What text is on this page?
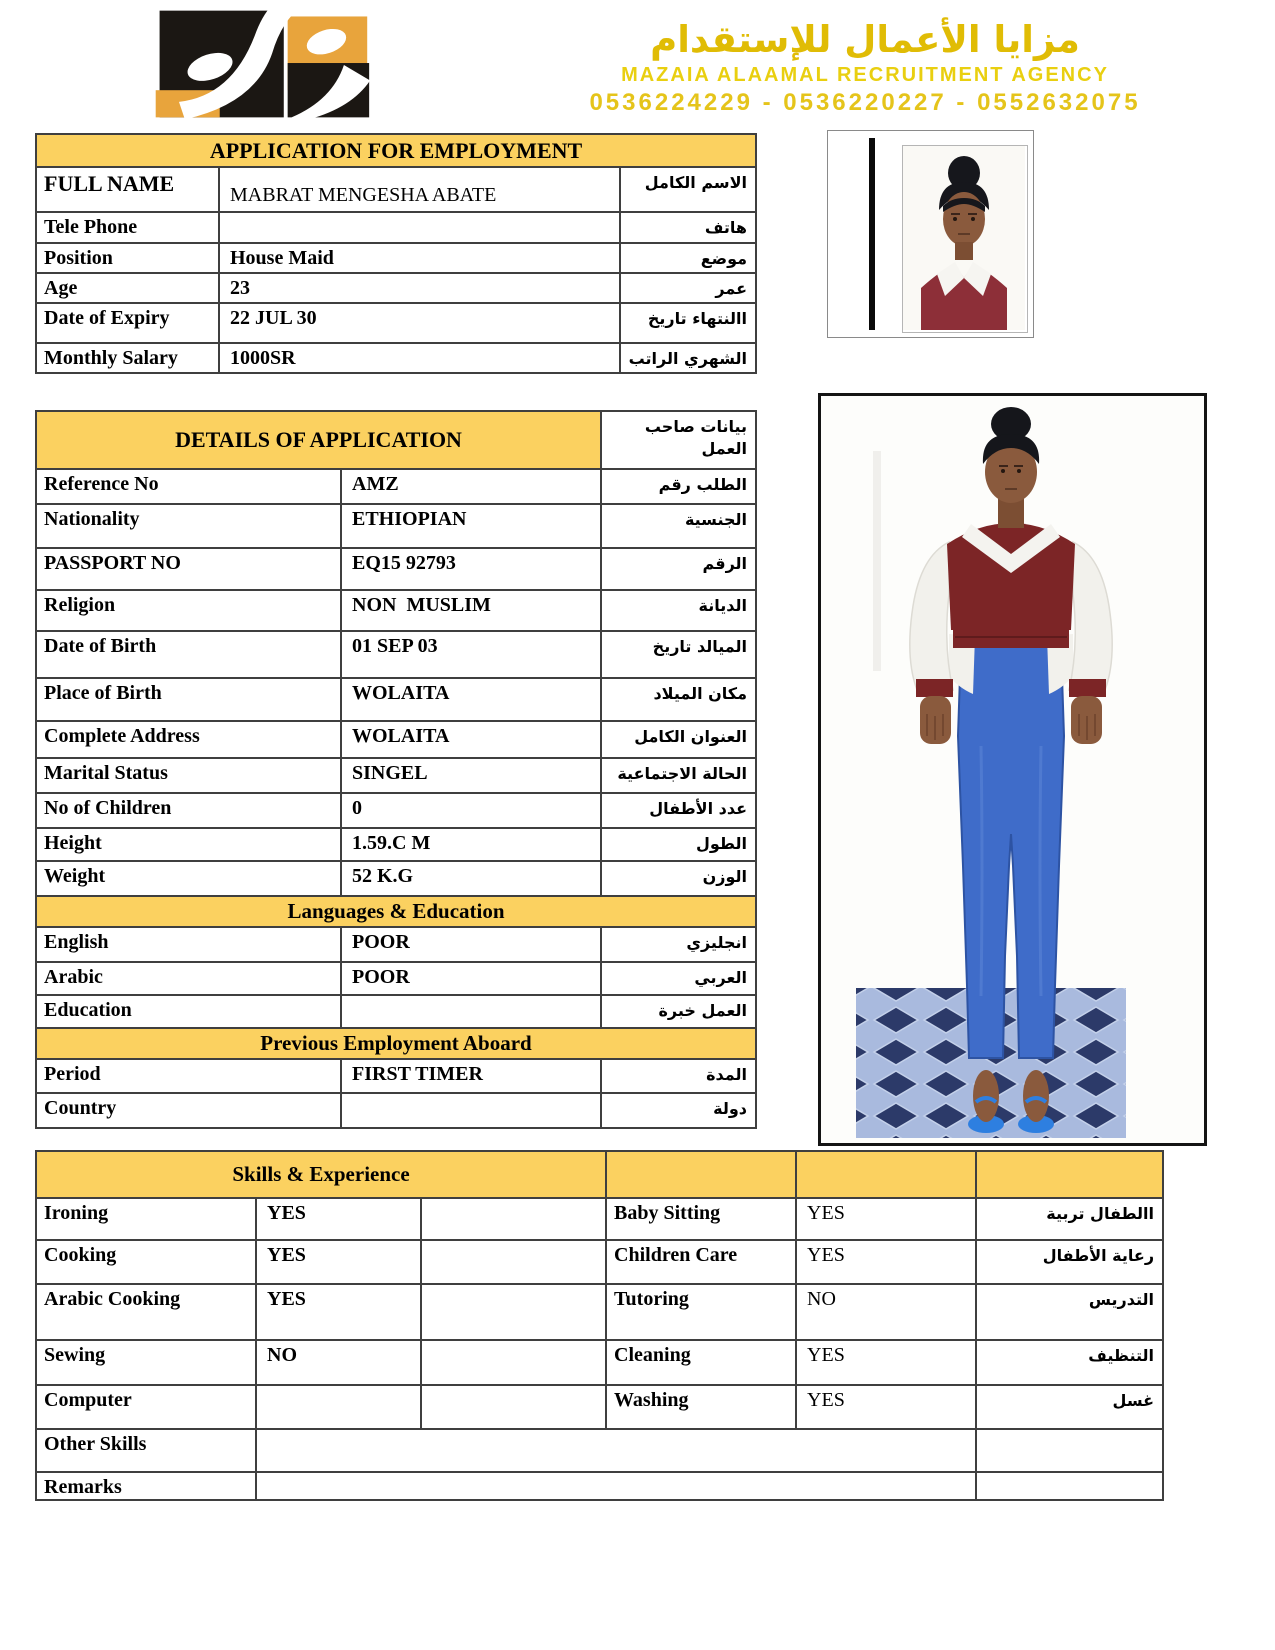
مزايا الأعمال للإستقدام
MAZAIA ALAAMAL RECRUITMENT AGENCY
0536224229 - 0536220227 - 0552632075
APPLICATION FOR EMPLOYMENT		
FULL NAME	MABRAT MENGESHA ABATE	الاسم الكامل
Tele Phone		هاتف
Position	House Maid	موضع
Age	23	عمر
Date of Expiry	22 JUL 30	االنتهاء تاريخ
Monthly Salary	1000SR	الشهري الراتب
DETAILS OF APPLICATION		بيانات صاحب العمل
Reference No	AMZ	الطلب رقم
Nationality	ETHIOPIAN	الجنسية
PASSPORT NO	EQ15 92793	الرقم
Religion	NON  MUSLIM	الديانة
Date of Birth	01 SEP 03	الميالد تاريخ
Place of Birth	WOLAITA	مكان الميلاد
Complete Address	WOLAITA	العنوان الكامل
Marital Status	SINGEL	الحالة الاجتماعية
No of Children	0	عدد الأطفال
Height	1.59.C M	الطول
Weight	52 K.G	الوزن
Languages & Education		
English	POOR	انجليزي
Arabic	POOR	العربي
Education		العمل خبرة
Previous Employment Aboard		
Period	FIRST TIMER	المدة
Country		دولة
Skills & Experience					
Ironing	YES		Baby Sitting	YES	االطفال تربية
Cooking	YES		Children Care	YES	رعاية الأطفال
Arabic Cooking	YES		Tutoring	NO	التدريس
Sewing	NO		Cleaning	YES	التنظيف
Computer			Washing	YES	غسل
Other Skills					
Remarks					
